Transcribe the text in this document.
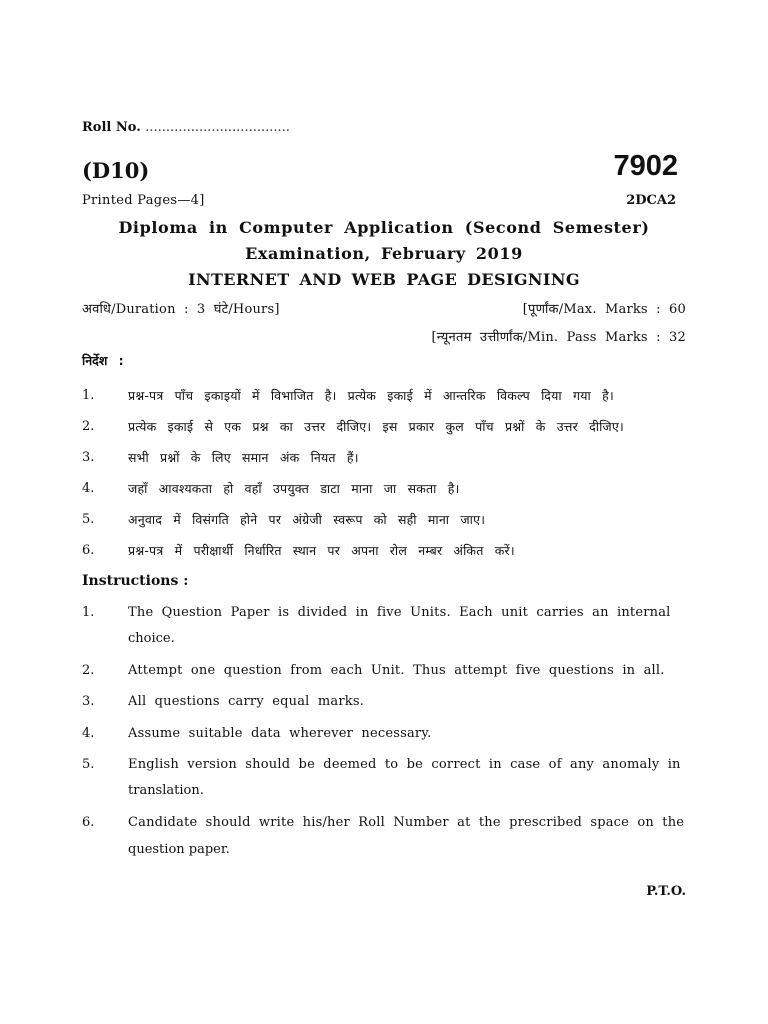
Roll No. ...................................
(D10)	7902
Printed Pages—4]	2DCA2
Diploma in Computer Application (Second Semester)
Examination, February 2019
INTERNET AND WEB PAGE DESIGNING
अवधि/Duration : 3 घंटे/Hours]	[पूर्णांक/Max. Marks : 60
[न्यूनतम उत्तीर्णांक/Min. Pass Marks : 32
निर्देश :
1.	प्रश्न-पत्र पाँच इकाइयों में विभाजित है। प्रत्येक इकाई में आन्तरिक विकल्प दिया गया है।
2.	प्रत्येक इकाई से एक प्रश्न का उत्तर दीजिए। इस प्रकार कुल पाँच प्रश्नों के उत्तर दीजिए।
3.	सभी प्रश्नों के लिए समान अंक नियत हैं।
4.	जहाँ आवश्यकता हो वहाँ उपयुक्त डाटा माना जा सकता है।
5.	अनुवाद में विसंगति होने पर अंग्रेजी स्वरूप को सही माना जाए।
6.	प्रश्न-पत्र में परीक्षार्थी निर्धारित स्थान पर अपना रोल नम्बर अंकित करें।
Instructions :
1.	The Question Paper is divided in five Units. Each unit carries an internal
choice.
2.	Attempt one question from each Unit. Thus attempt five questions in all.
3.	All questions carry equal marks.
4.	Assume suitable data wherever necessary.
5.	English version should be deemed to be correct in case of any anomaly in
translation.
6.	Candidate should write his/her Roll Number at the prescribed space on the
question paper.
P.T.O.
